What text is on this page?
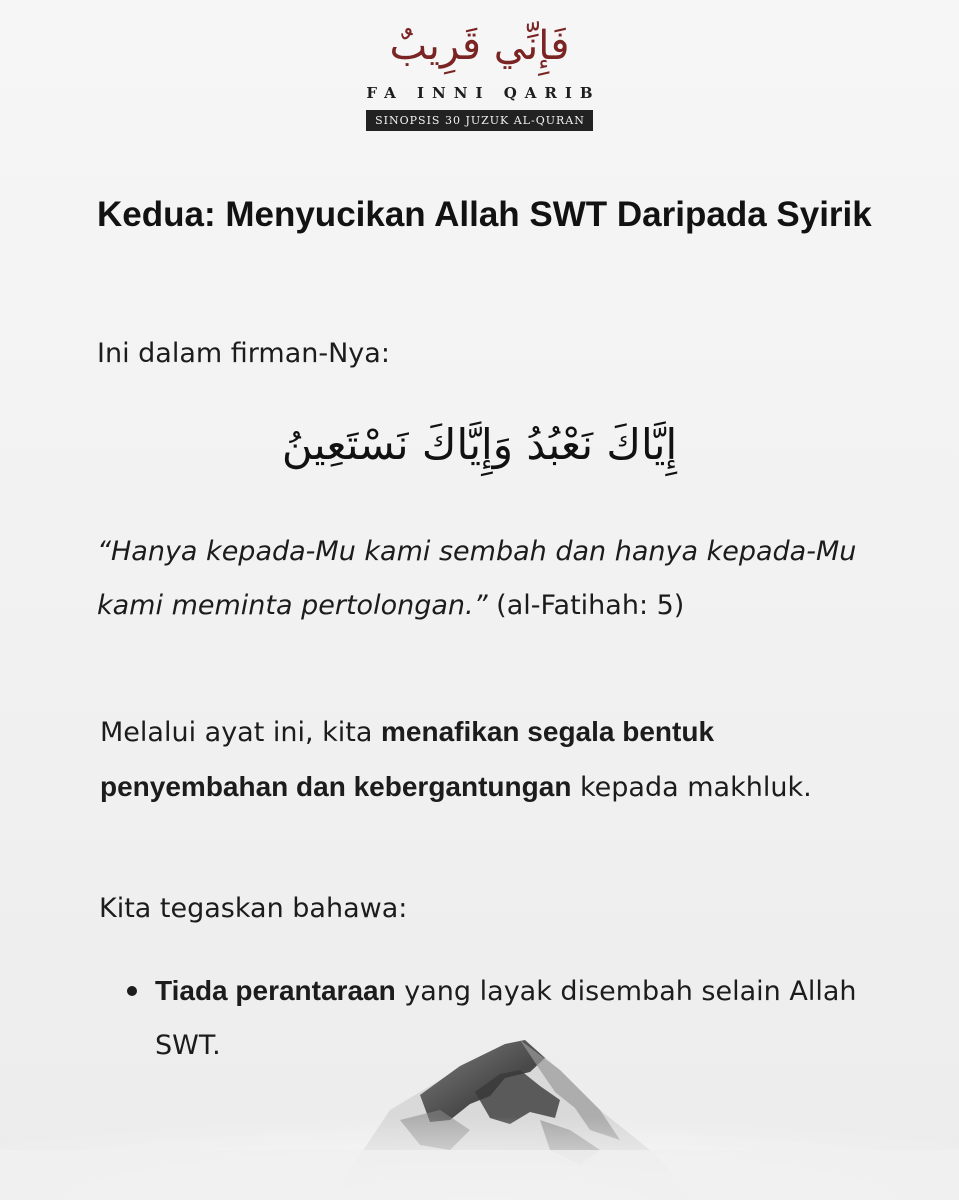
فَإِنِّي قَرِيبٌ
FA INNI QARIB
SINOPSIS 30 JUZUK AL-QURAN
Kedua: Menyucikan Allah SWT Daripada Syirik

Ini dalam firman-Nya:

إِيَّاكَ نَعْبُدُ وَإِيَّاكَ نَسْتَعِينُ

“Hanya kepada-Mu kami sembah dan hanya kepada-Mu kami meminta pertolongan.” (al-Fatihah: 5)

Melalui ayat ini, kita menafikan segala bentuk penyembahan dan kebergantungan kepada makhluk.

Kita tegaskan bahawa:

Tiada perantaraan yang layak disembah selain Allah SWT.
